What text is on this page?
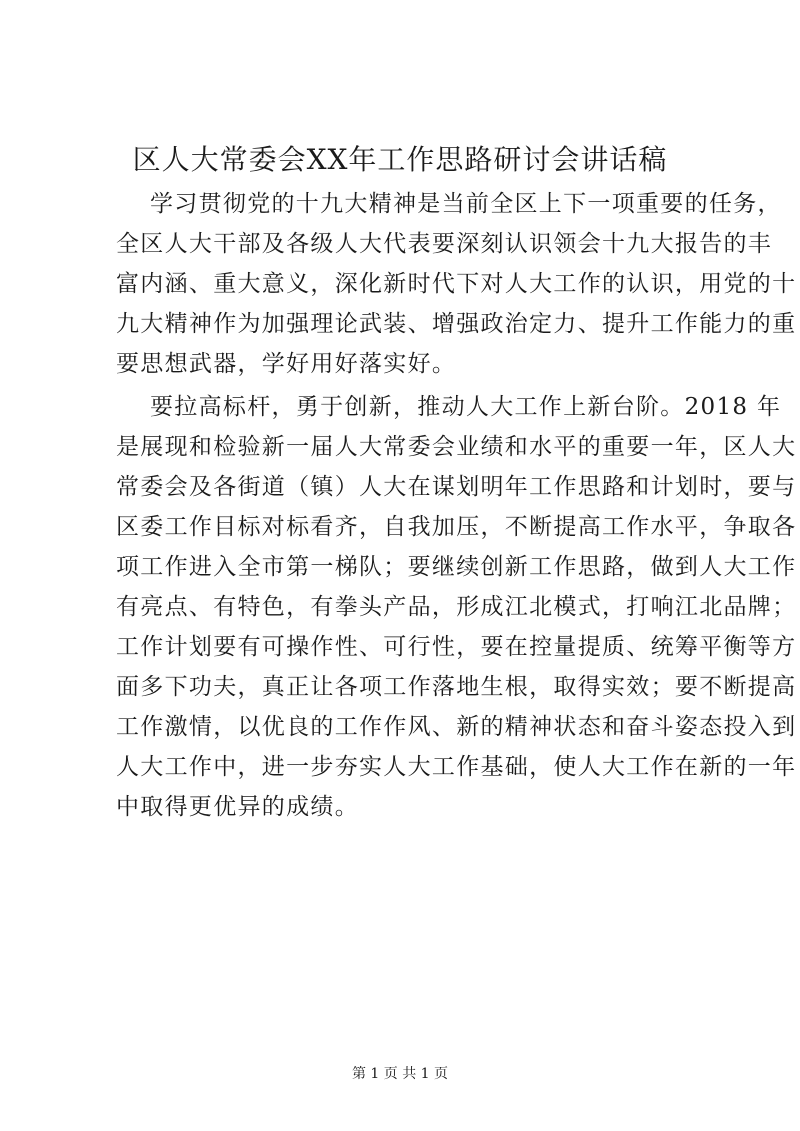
区人大常委会XX年工作思路研讨会讲话稿
学习贯彻党的十九大精神是当前全区上下一项重要的任务，
全区人大干部及各级人大代表要深刻认识领会十九大报告的丰
富内涵、重大意义，深化新时代下对人大工作的认识，用党的十
九大精神作为加强理论武装、增强政治定力、提升工作能力的重
要思想武器，学好用好落实好。
要拉高标杆，勇于创新，推动人大工作上新台阶。2018 年
是展现和检验新一届人大常委会业绩和水平的重要一年，区人大
常委会及各街道（镇）人大在谋划明年工作思路和计划时，要与
区委工作目标对标看齐，自我加压，不断提高工作水平，争取各
项工作进入全市第一梯队；要继续创新工作思路，做到人大工作
有亮点、有特色，有拳头产品，形成江北模式，打响江北品牌；
工作计划要有可操作性、可行性，要在控量提质、统筹平衡等方
面多下功夫，真正让各项工作落地生根，取得实效；要不断提高
工作激情，以优良的工作作风、新的精神状态和奋斗姿态投入到
人大工作中，进一步夯实人大工作基础，使人大工作在新的一年
中取得更优异的成绩。
第 1 页 共 1 页
